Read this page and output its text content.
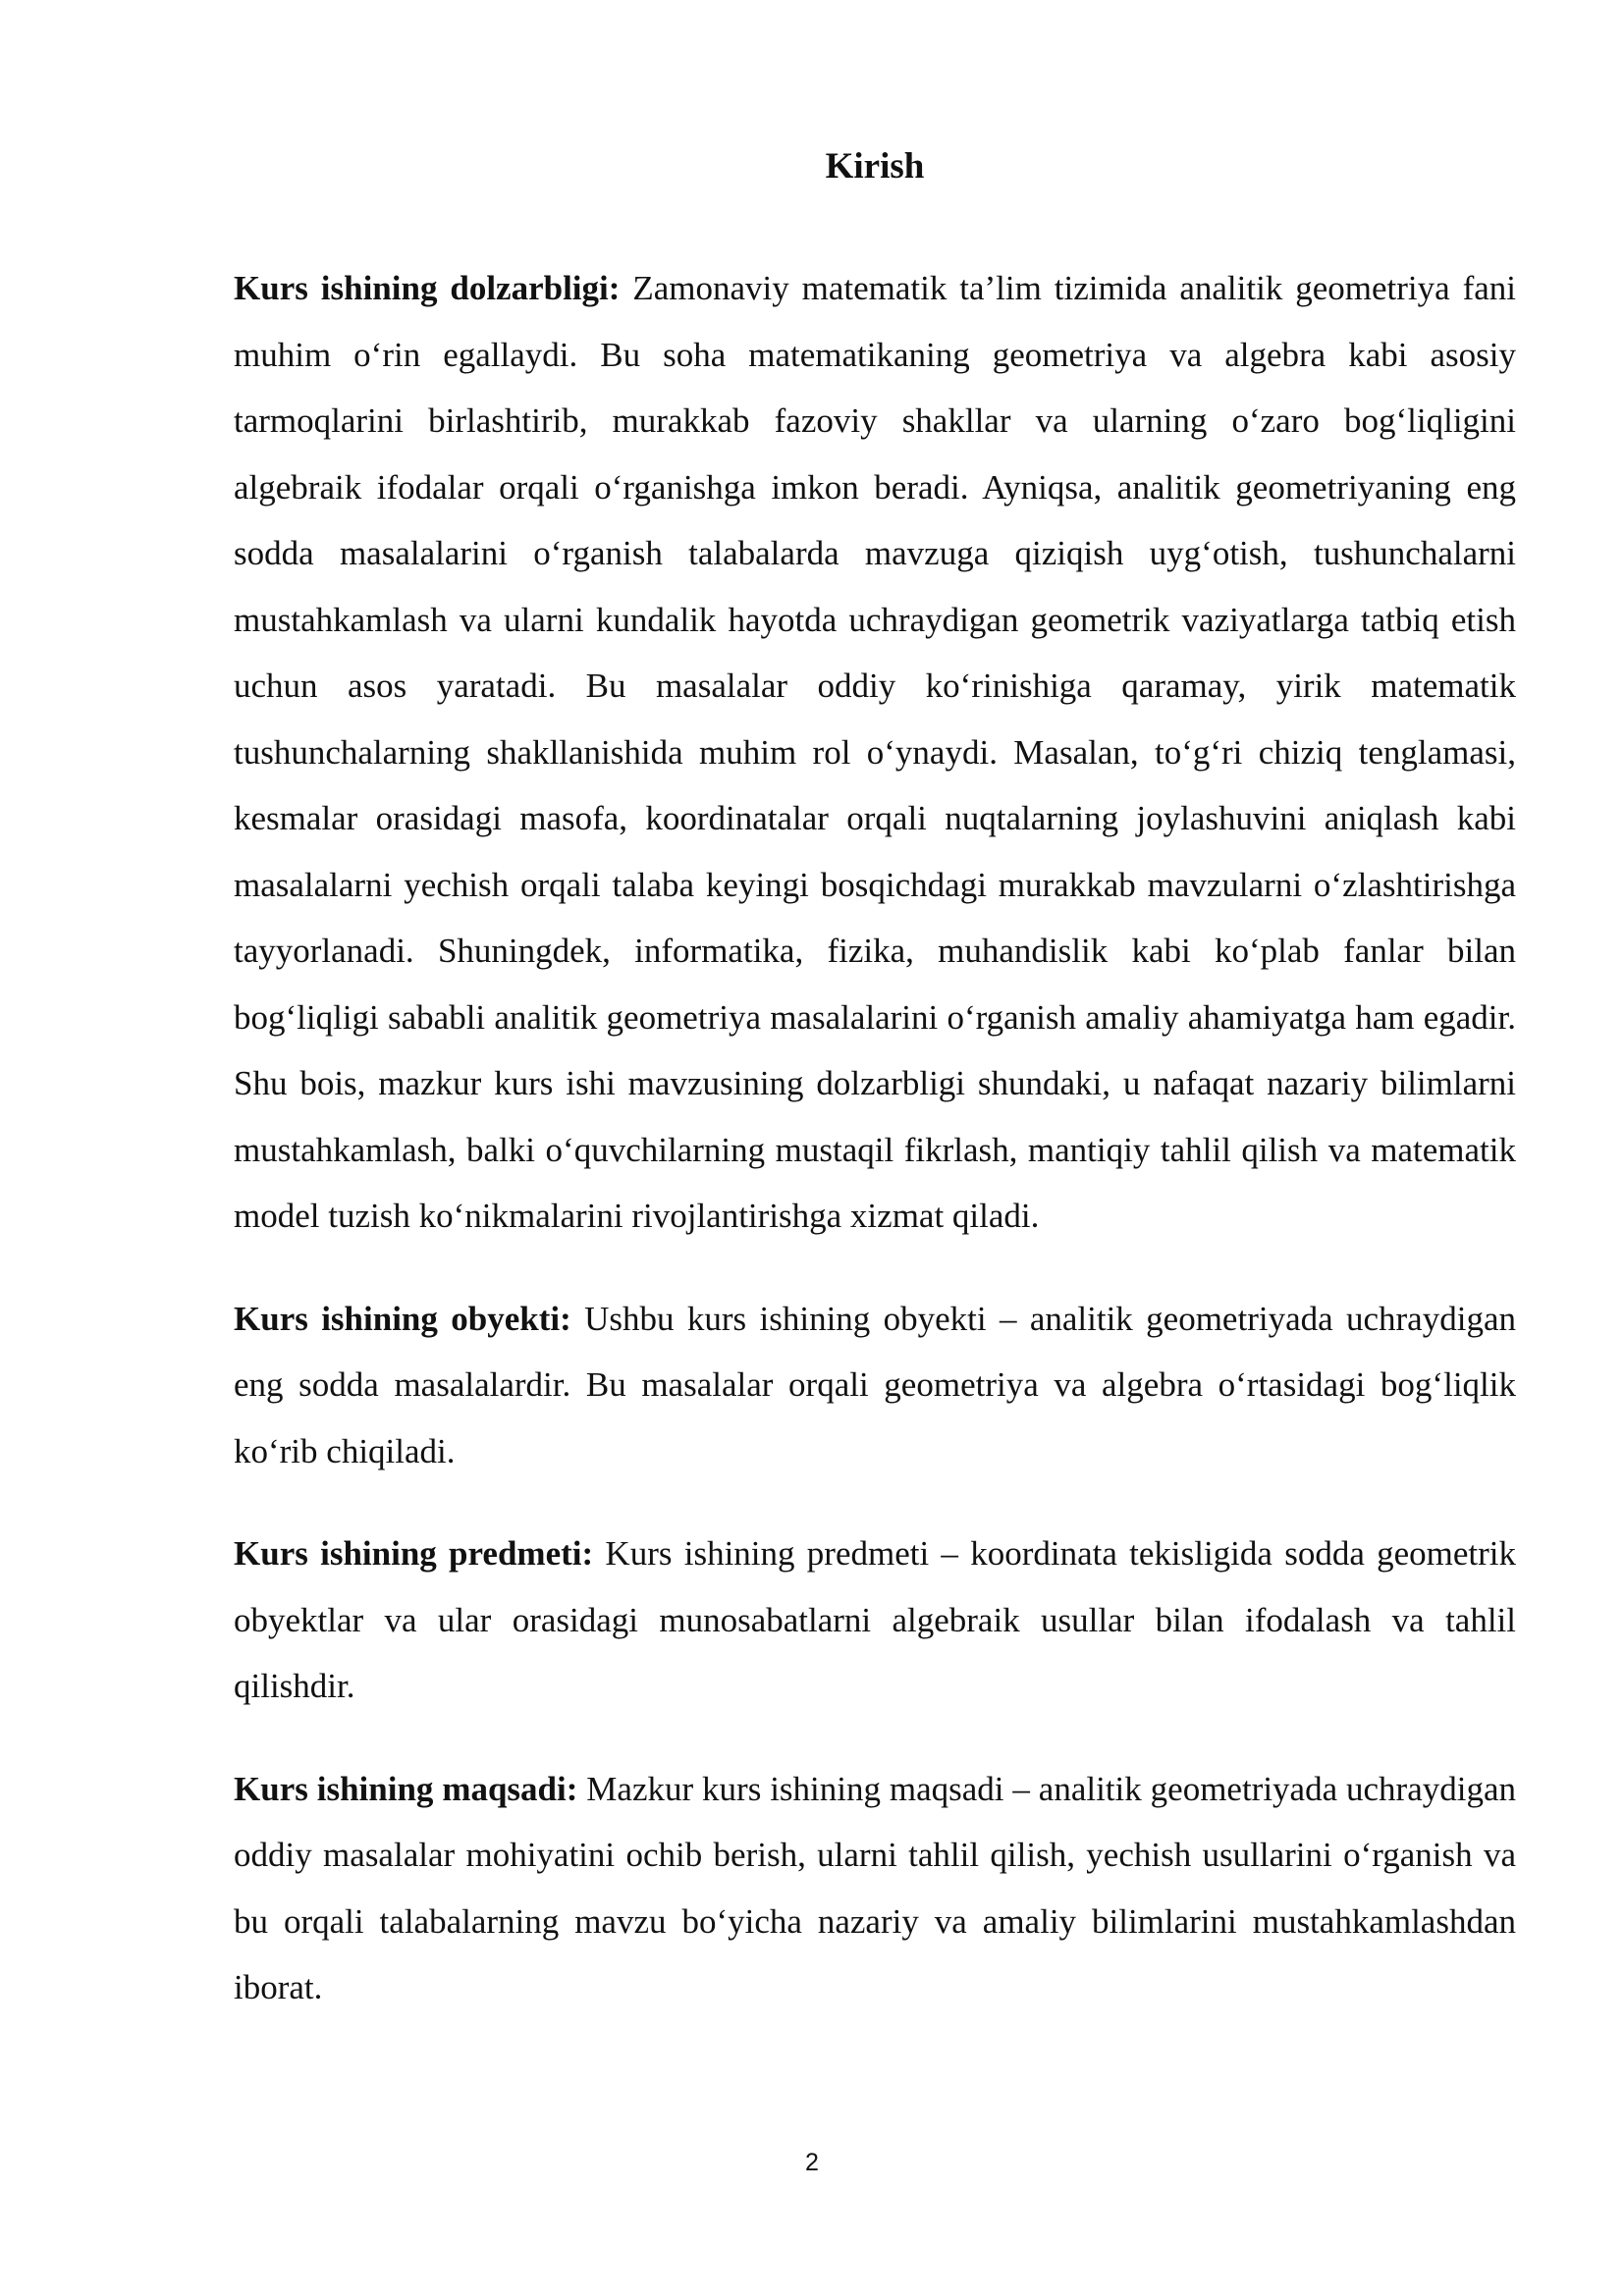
Kirish

Kurs ishining dolzarbligi: Zamonaviy matematik ta’lim tizimida analitik geometriya fani muhim o‘rin egallaydi. Bu soha matematikaning geometriya va algebra kabi asosiy tarmoqlarini birlashtirib, murakkab fazoviy shakllar va ularning o‘zaro bog‘liqligini algebraik ifodalar orqali o‘rganishga imkon beradi. Ayniqsa, analitik geometriyaning eng sodda masalalarini o‘rganish talabalarda mavzuga qiziqish uyg‘otish, tushunchalarni mustahkamlash va ularni kundalik hayotda uchraydigan geometrik vaziyatlarga tatbiq etish uchun asos yaratadi. Bu masalalar oddiy ko‘rinishiga qaramay, yirik matematik tushunchalarning shakllanishida muhim rol o‘ynaydi. Masalan, to‘g‘ri chiziq tenglamasi, kesmalar orasidagi masofa, koordinatalar orqali nuqtalarning joylashuvini aniqlash kabi masalalarni yechish orqali talaba keyingi bosqichdagi murakkab mavzularni o‘zlashtirishga tayyorlanadi. Shuningdek, informatika, fizika, muhandislik kabi ko‘plab fanlar bilan bog‘liqligi sababli analitik geometriya masalalarini o‘rganish amaliy ahamiyatga ham egadir. Shu bois, mazkur kurs ishi mavzusining dolzarbligi shundaki, u nafaqat nazariy bilimlarni mustahkamlash, balki o‘quvchilarning mustaqil fikrlash, mantiqiy tahlil qilish va matematik model tuzish ko‘nikmalarini rivojlantirishga xizmat qiladi.

Kurs ishining obyekti: Ushbu kurs ishining obyekti – analitik geometriyada uchraydigan eng sodda masalalardir. Bu masalalar orqali geometriya va algebra o‘rtasidagi bog‘liqlik ko‘rib chiqiladi.

Kurs ishining predmeti: Kurs ishining predmeti – koordinata tekisligida sodda geometrik obyektlar va ular orasidagi munosabatlarni algebraik usullar bilan ifodalash va tahlil qilishdir.

Kurs ishining maqsadi: Mazkur kurs ishining maqsadi – analitik geometriyada uchraydigan oddiy masalalar mohiyatini ochib berish, ularni tahlil qilish, yechish usullarini o‘rganish va bu orqali talabalarning mavzu bo‘yicha nazariy va amaliy bilimlarini mustahkamlashdan iborat.

2
